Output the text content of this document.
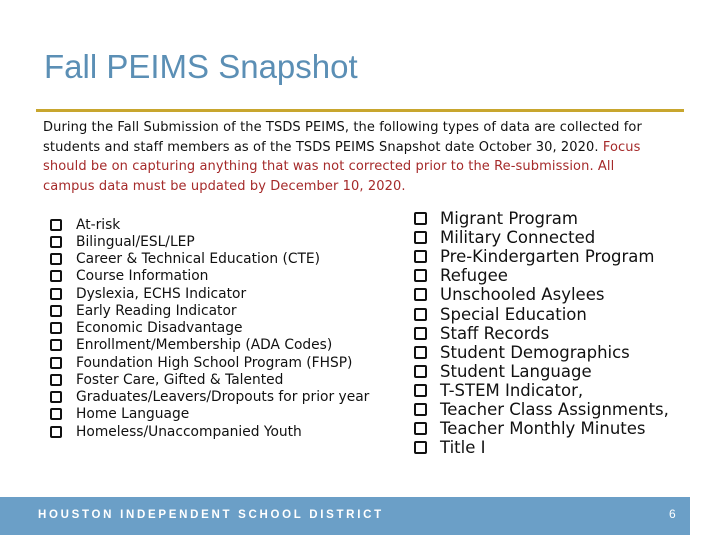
Fall PEIMS Snapshot
During the Fall Submission of the TSDS PEIMS, the following types of data are collected for
students and staff members as of the TSDS PEIMS Snapshot date October 30, 2020. Focus
should be on capturing anything that was not corrected prior to the Re-submission. All
campus data must be updated by December 10, 2020.
At-risk
Bilingual/ESL/LEP
Career & Technical Education (CTE)
Course Information
Dyslexia, ECHS Indicator
Early Reading Indicator
Economic Disadvantage
Enrollment/Membership (ADA Codes)
Foundation High School Program (FHSP)
Foster Care, Gifted & Talented
Graduates/Leavers/Dropouts for prior year
Home Language
Homeless/Unaccompanied Youth
Migrant Program
Military Connected
Pre-Kindergarten Program
Refugee
Unschooled Asylees
Special Education
Staff Records
Student Demographics
Student Language
T-STEM Indicator,
Teacher Class Assignments,
Teacher Monthly Minutes
Title I
HOUSTON INDEPENDENT SCHOOL DISTRICT	6
